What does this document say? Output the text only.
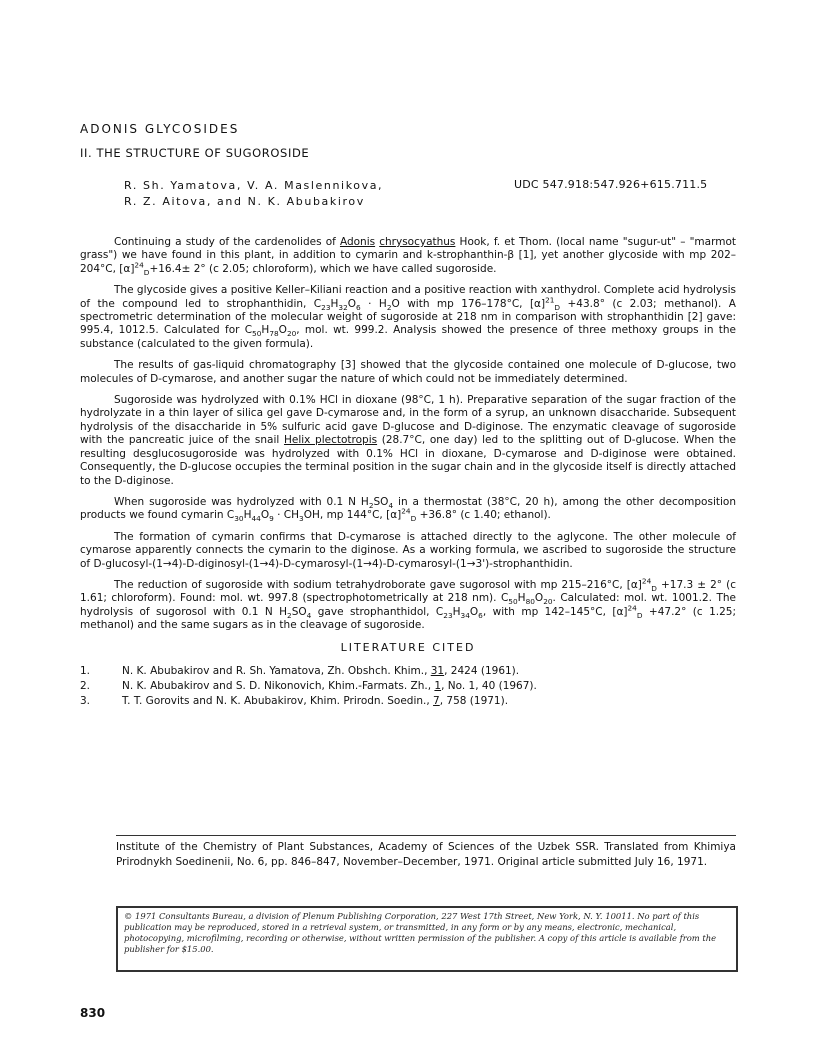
ADONIS GLYCOSIDES
II. THE STRUCTURE OF SUGOROSIDE
R. Sh. Yamatova, V. A. Maslennikova,
R. Z. Aitova, and N. K. Abubakirov
UDC 547.918:547.926+615.711.5

Continuing a study of the cardenolides of Adonis chrysocyathus Hook, f. et Thom. (local name "sugur-ut" – "marmot grass") we have found in this plant, in addition to cymarin and k-strophanthin-β [1], yet another glycoside with mp 202–204°C, $[\alpha]^{24}_D+16.4\pm 2^\circ$ (c 2.05; chloroform), which we have called sugoroside.

The glycoside gives a positive Keller–Kiliani reaction and a positive reaction with xanthydrol. Complete acid hydrolysis of the compound led to strophanthidin, $C_{23}H_{32}O_6 \cdot H_2O$ with mp 176–178°C, $[\alpha]^{21}_D +43.8^\circ$ (c 2.03; methanol). A spectrometric determination of the molecular weight of sugoroside at 218 nm in comparison with strophanthidin [2] gave: 995.4, 1012.5. Calculated for $C_{50}H_{78}O_{20}$, mol. wt. 999.2. Analysis showed the presence of three methoxy groups in the substance (calculated to the given formula).

The results of gas-liquid chromatography [3] showed that the glycoside contained one molecule of D-glucose, two molecules of D-cymarose, and another sugar the nature of which could not be immediately determined.

Sugoroside was hydrolyzed with 0.1% HCl in dioxane (98°C, 1 h). Preparative separation of the sugar fraction of the hydrolyzate in a thin layer of silica gel gave D-cymarose and, in the form of a syrup, an unknown disaccharide. Subsequent hydrolysis of the disaccharide in 5% sulfuric acid gave D-glucose and D-diginose. The enzymatic cleavage of sugoroside with the pancreatic juice of the snail Helix plectotropis (28.7°C, one day) led to the splitting out of D-glucose. When the resulting desglucosugoroside was hydrolyzed with 0.1% HCl in dioxane, D-cymarose and D-diginose were obtained. Consequently, the D-glucose occupies the terminal position in the sugar chain and in the glycoside itself is directly attached to the D-diginose.

When sugoroside was hydrolyzed with 0.1 N $H_2SO_4$ in a thermostat (38°C, 20 h), among the other decomposition products we found cymarin $C_{30}H_{44}O_9 \cdot CH_3OH$, mp 144°C, $[\alpha]^{24}_D +36.8^\circ$ (c 1.40; ethanol).

The formation of cymarin confirms that D-cymarose is attached directly to the aglycone. The other molecule of cymarose apparently connects the cymarin to the diginose. As a working formula, we ascribed to sugoroside the structure of D-glucosyl-(1→4)-D-diginosyl-(1→4)-D-cymarosyl-(1→4)-D-cymarosyl-(1→3')-strophanthidin.

The reduction of sugoroside with sodium tetrahydroborate gave sugorosol with mp 215–216°C, $[\alpha]^{24}_D +17.3 \pm 2^\circ$ (c 1.61; chloroform). Found: mol. wt. 997.8 (spectrophotometrically at 218 nm). $C_{50}H_{80}O_{20}$. Calculated: mol. wt. 1001.2. The hydrolysis of sugorosol with 0.1 N $H_2SO_4$ gave strophanthidol, $C_{23}H_{34}O_6$, with mp 142–145°C, $[\alpha]^{24}_D +47.2^\circ$ (c 1.25; methanol) and the same sugars as in the cleavage of sugoroside.

LITERATURE CITED
1.	N. K. Abubakirov and R. Sh. Yamatova, Zh. Obshch. Khim., 31, 2424 (1961).
2.	N. K. Abubakirov and S. D. Nikonovich, Khim.-Farmats. Zh., 1, No. 1, 40 (1967).
3.	T. T. Gorovits and N. K. Abubakirov, Khim. Prirodn. Soedin., 7, 758 (1971).
Institute of the Chemistry of Plant Substances, Academy of Sciences of the Uzbek SSR. Translated from Khimiya Prirodnykh Soedinenii, No. 6, pp. 846–847, November–December, 1971. Original article submitted July 16, 1971.
© 1971 Consultants Bureau, a division of Plenum Publishing Corporation, 227 West 17th Street, New York, N. Y. 10011. No part of this publication may be reproduced, stored in a retrieval system, or transmitted, in any form or by any means, electronic, mechanical, photocopying, microfilming, recording or otherwise, without written permission of the publisher. A copy of this article is available from the publisher for $15.00.
830
